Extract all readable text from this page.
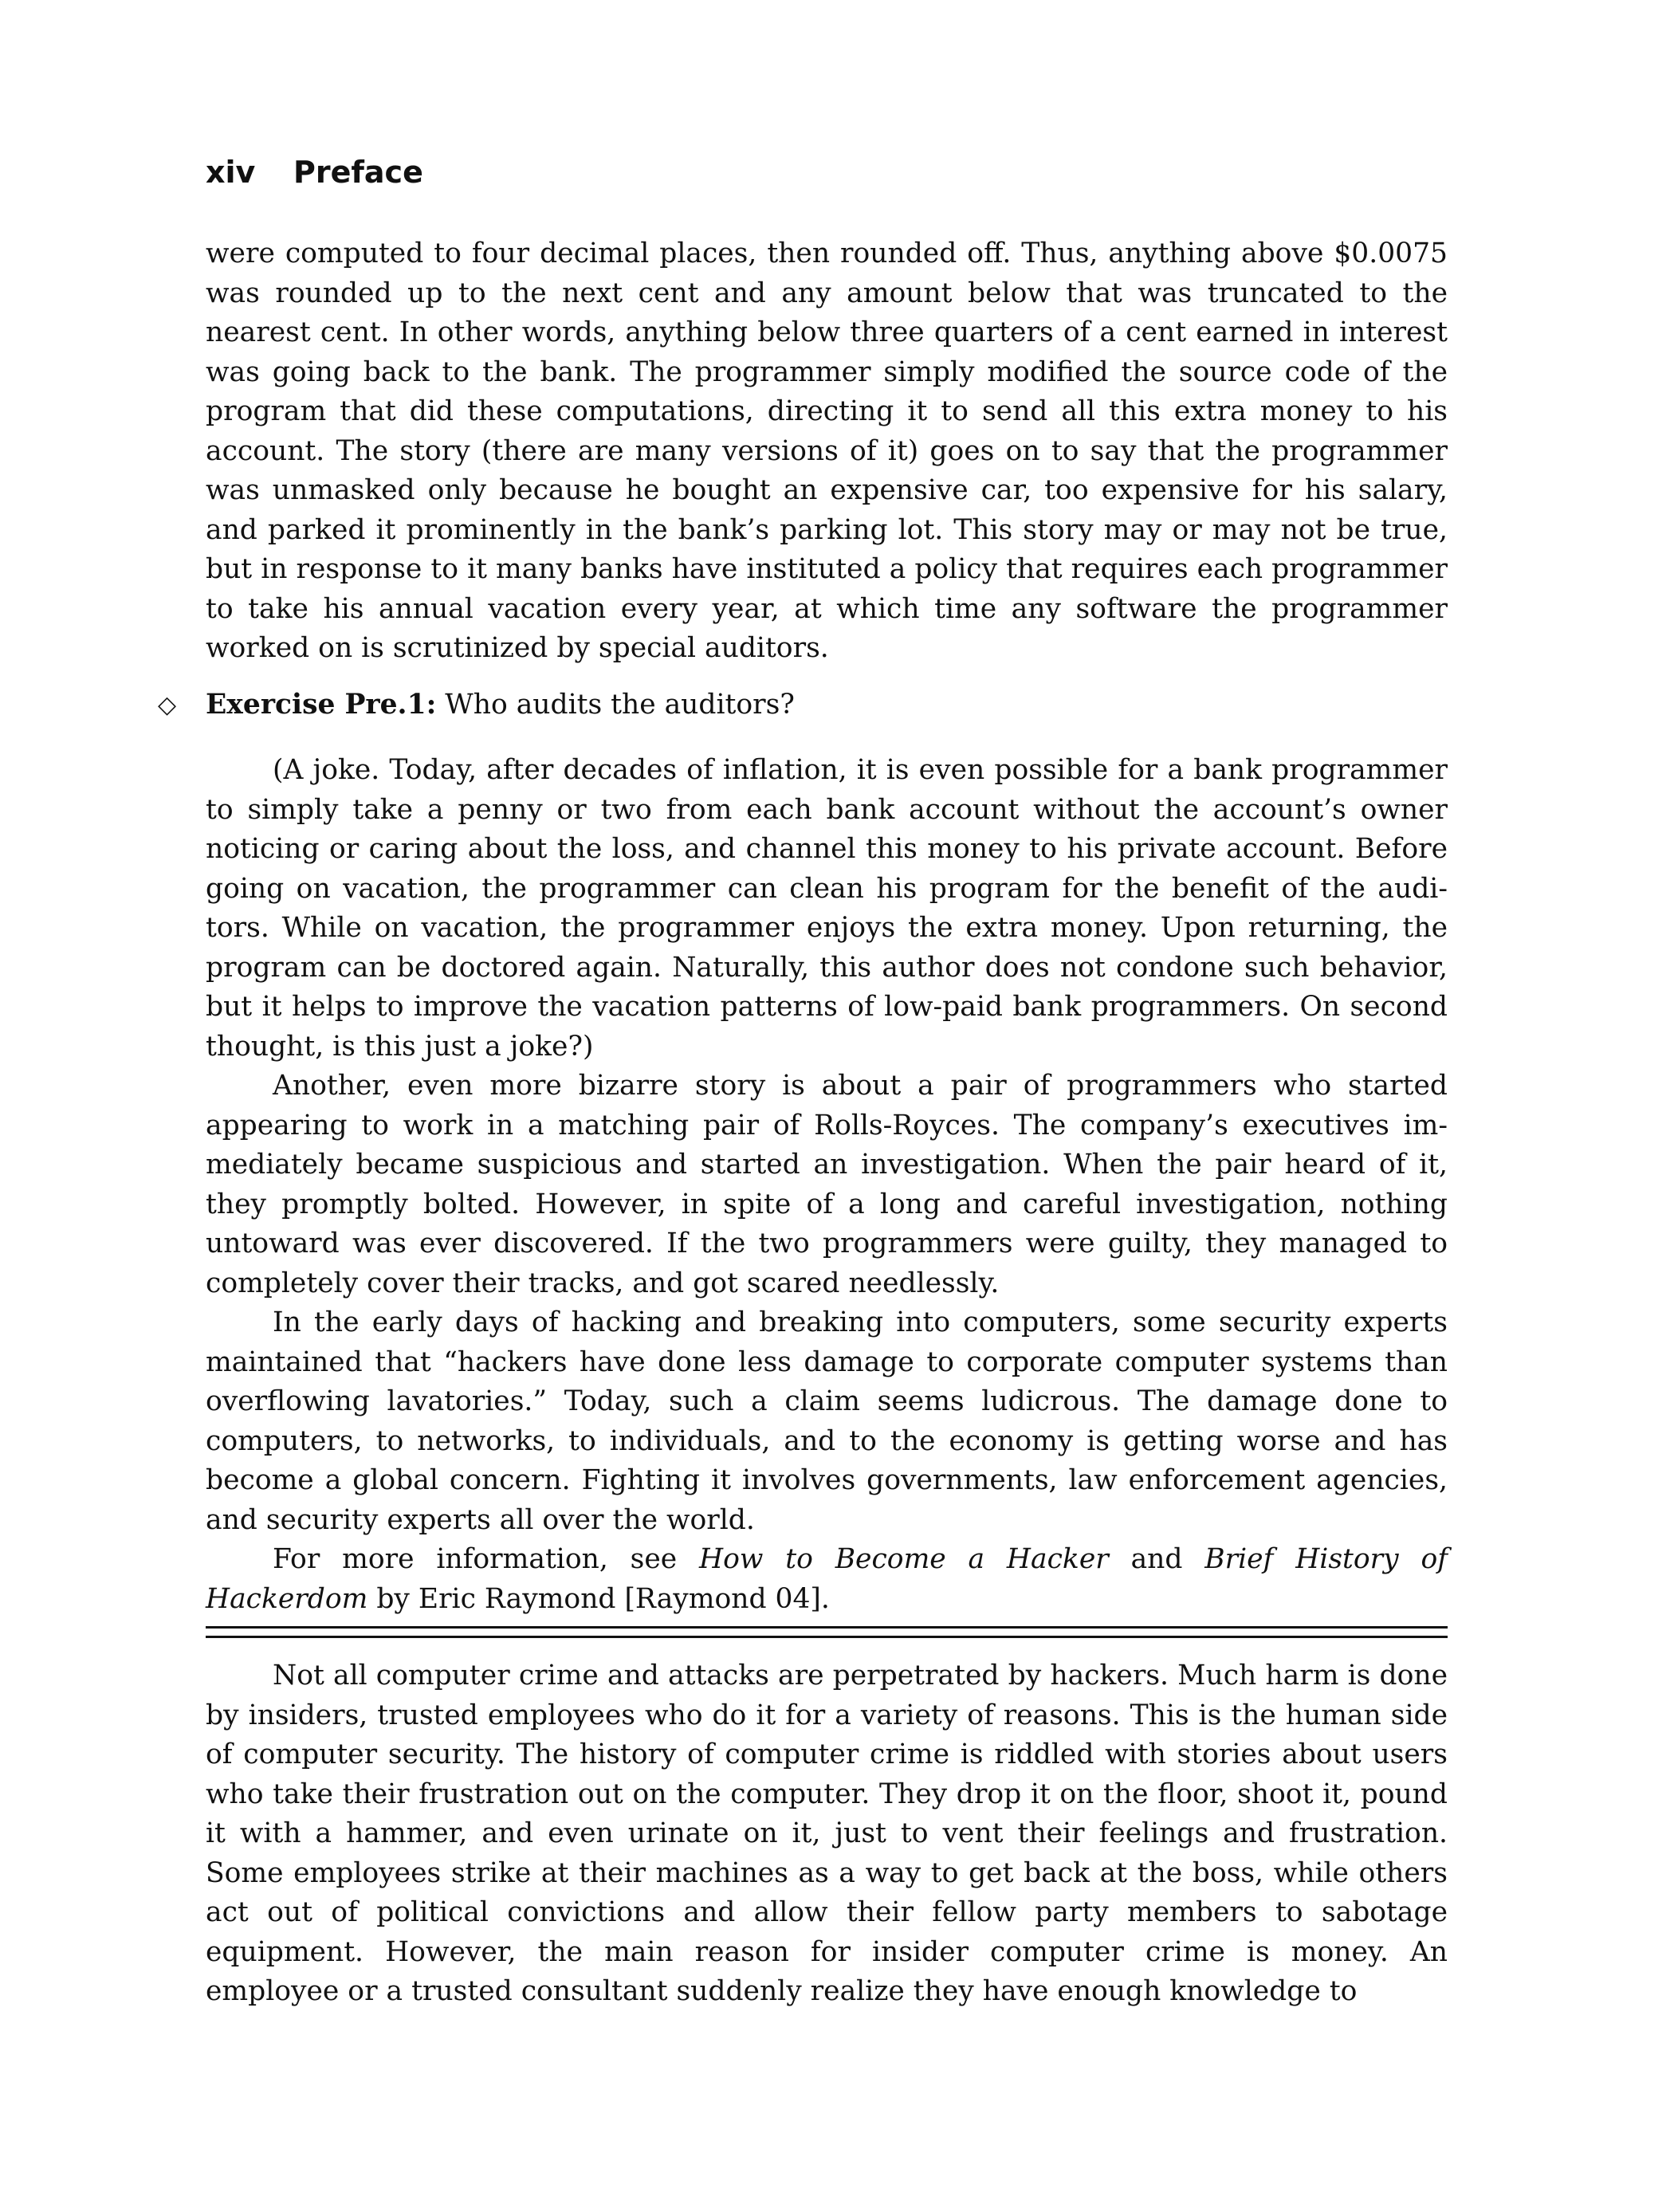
xiv Preface

were computed to four decimal places, then rounded off. Thus, anything above $0.0075 was rounded up to the next cent and any amount below that was truncated to the nearest cent. In other words, anything below three quarters of a cent earned in interest was going back to the bank. The programmer simply modified the source code of the program that did these computations, directing it to send all this extra money to his account. The story (there are many versions of it) goes on to say that the programmer was unmasked only because he bought an expensive car, too expensive for his salary, and parked it prominently in the bank’s parking lot. This story may or may not be true, but in response to it many banks have instituted a policy that requires each programmer to take his annual vacation every year, at which time any software the programmer worked on is scrutinized by special auditors.

◇ Exercise Pre.1: Who audits the auditors?

(A joke. Today, after decades of inflation, it is even possible for a bank programmer to simply take a penny or two from each bank account without the account’s owner noticing or caring about the loss, and channel this money to his private account. Before going on vacation, the programmer can clean his program for the benefit of the auditors. While on vacation, the programmer enjoys the extra money. Upon returning, the program can be doctored again. Naturally, this author does not condone such behavior, but it helps to improve the vacation patterns of low-paid bank programmers. On second thought, is this just a joke?)

Another, even more bizarre story is about a pair of programmers who started appearing to work in a matching pair of Rolls-Royces. The company’s executives immediately became suspicious and started an investigation. When the pair heard of it, they promptly bolted. However, in spite of a long and careful investigation, nothing untoward was ever discovered. If the two programmers were guilty, they managed to completely cover their tracks, and got scared needlessly.

In the early days of hacking and breaking into computers, some security experts maintained that “hackers have done less damage to corporate computer systems than overflowing lavatories.” Today, such a claim seems ludicrous. The damage done to computers, to networks, to individuals, and to the economy is getting worse and has become a global concern. Fighting it involves governments, law enforcement agencies, and security experts all over the world.

For more information, see How to Become a Hacker and Brief History of Hackerdom by Eric Raymond [Raymond 04].

Not all computer crime and attacks are perpetrated by hackers. Much harm is done by insiders, trusted employees who do it for a variety of reasons. This is the human side of computer security. The history of computer crime is riddled with stories about users who take their frustration out on the computer. They drop it on the floor, shoot it, pound it with a hammer, and even urinate on it, just to vent their feelings and frustration. Some employees strike at their machines as a way to get back at the boss, while others act out of political convictions and allow their fellow party members to sabotage equipment. However, the main reason for insider computer crime is money. An employee or a trusted consultant suddenly realize they have enough knowledge to
